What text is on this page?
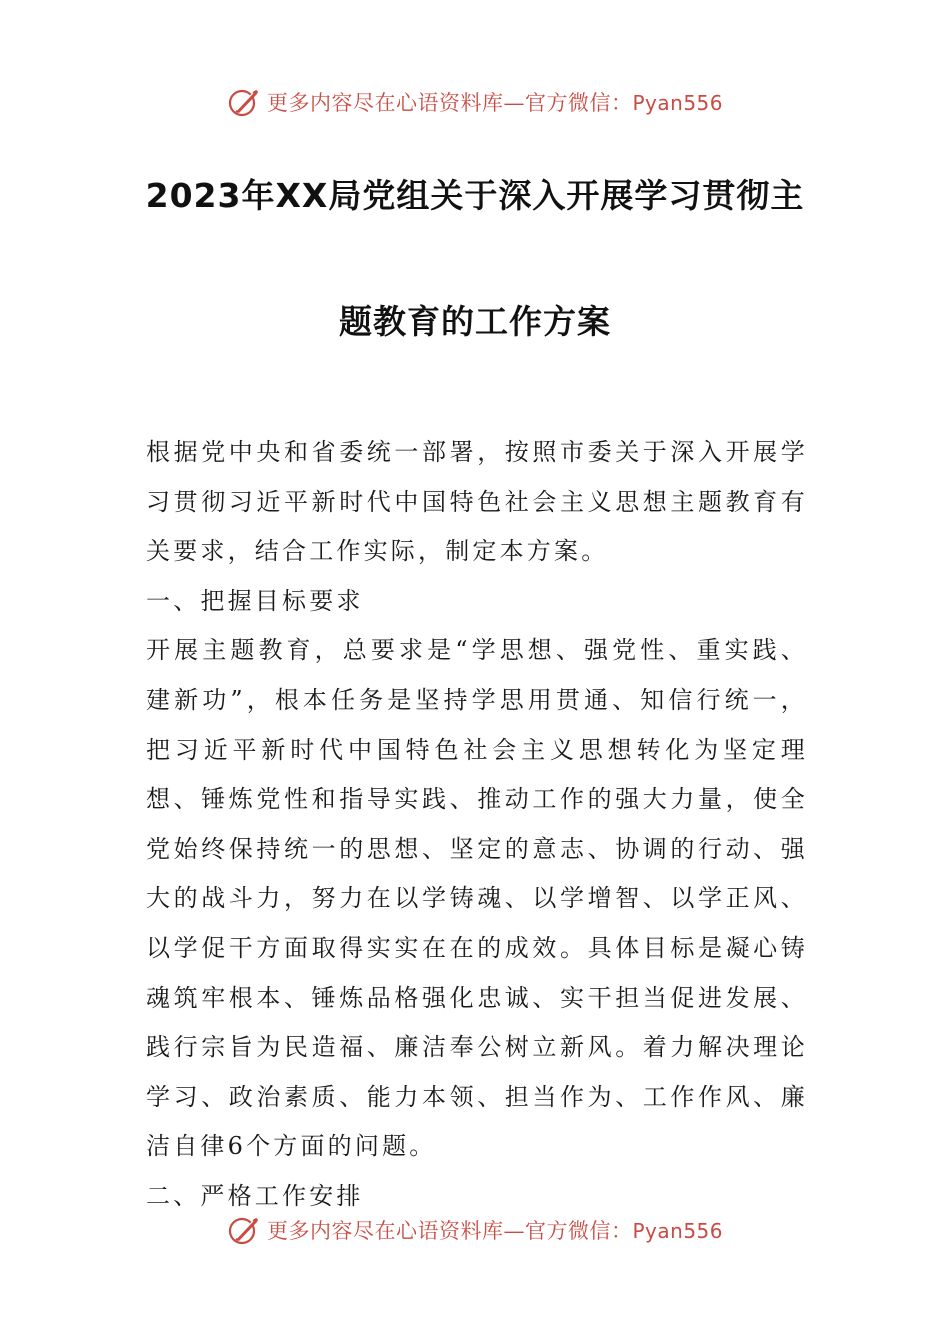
更多内容尽在心语资料库—官方微信：Pyan556
2023年XX局党组关于深入开展学习贯彻主
题教育的工作方案

根据党中央和省委统一部署，按照市委关于深入开展学习贯彻习近平新时代中国特色社会主义思想主题教育有关要求，结合工作实际，制定本方案。

一、把握目标要求

开展主题教育，总要求是“学思想、强党性、重实践、建新功”，根本任务是坚持学思用贯通、知信行统一，把习近平新时代中国特色社会主义思想转化为坚定理想、锤炼党性和指导实践、推动工作的强大力量，使全党始终保持统一的思想、坚定的意志、协调的行动、强大的战斗力，努力在以学铸魂、以学增智、以学正风、以学促干方面取得实实在在的成效。具体目标是凝心铸魂筑牢根本、锤炼品格强化忠诚、实干担当促进发展、践行宗旨为民造福、廉洁奉公树立新风。着力解决理论学习、政治素质、能力本领、担当作为、工作作风、廉洁自律6个方面的问题。

二、严格工作安排

更多内容尽在心语资料库—官方微信：Pyan556
